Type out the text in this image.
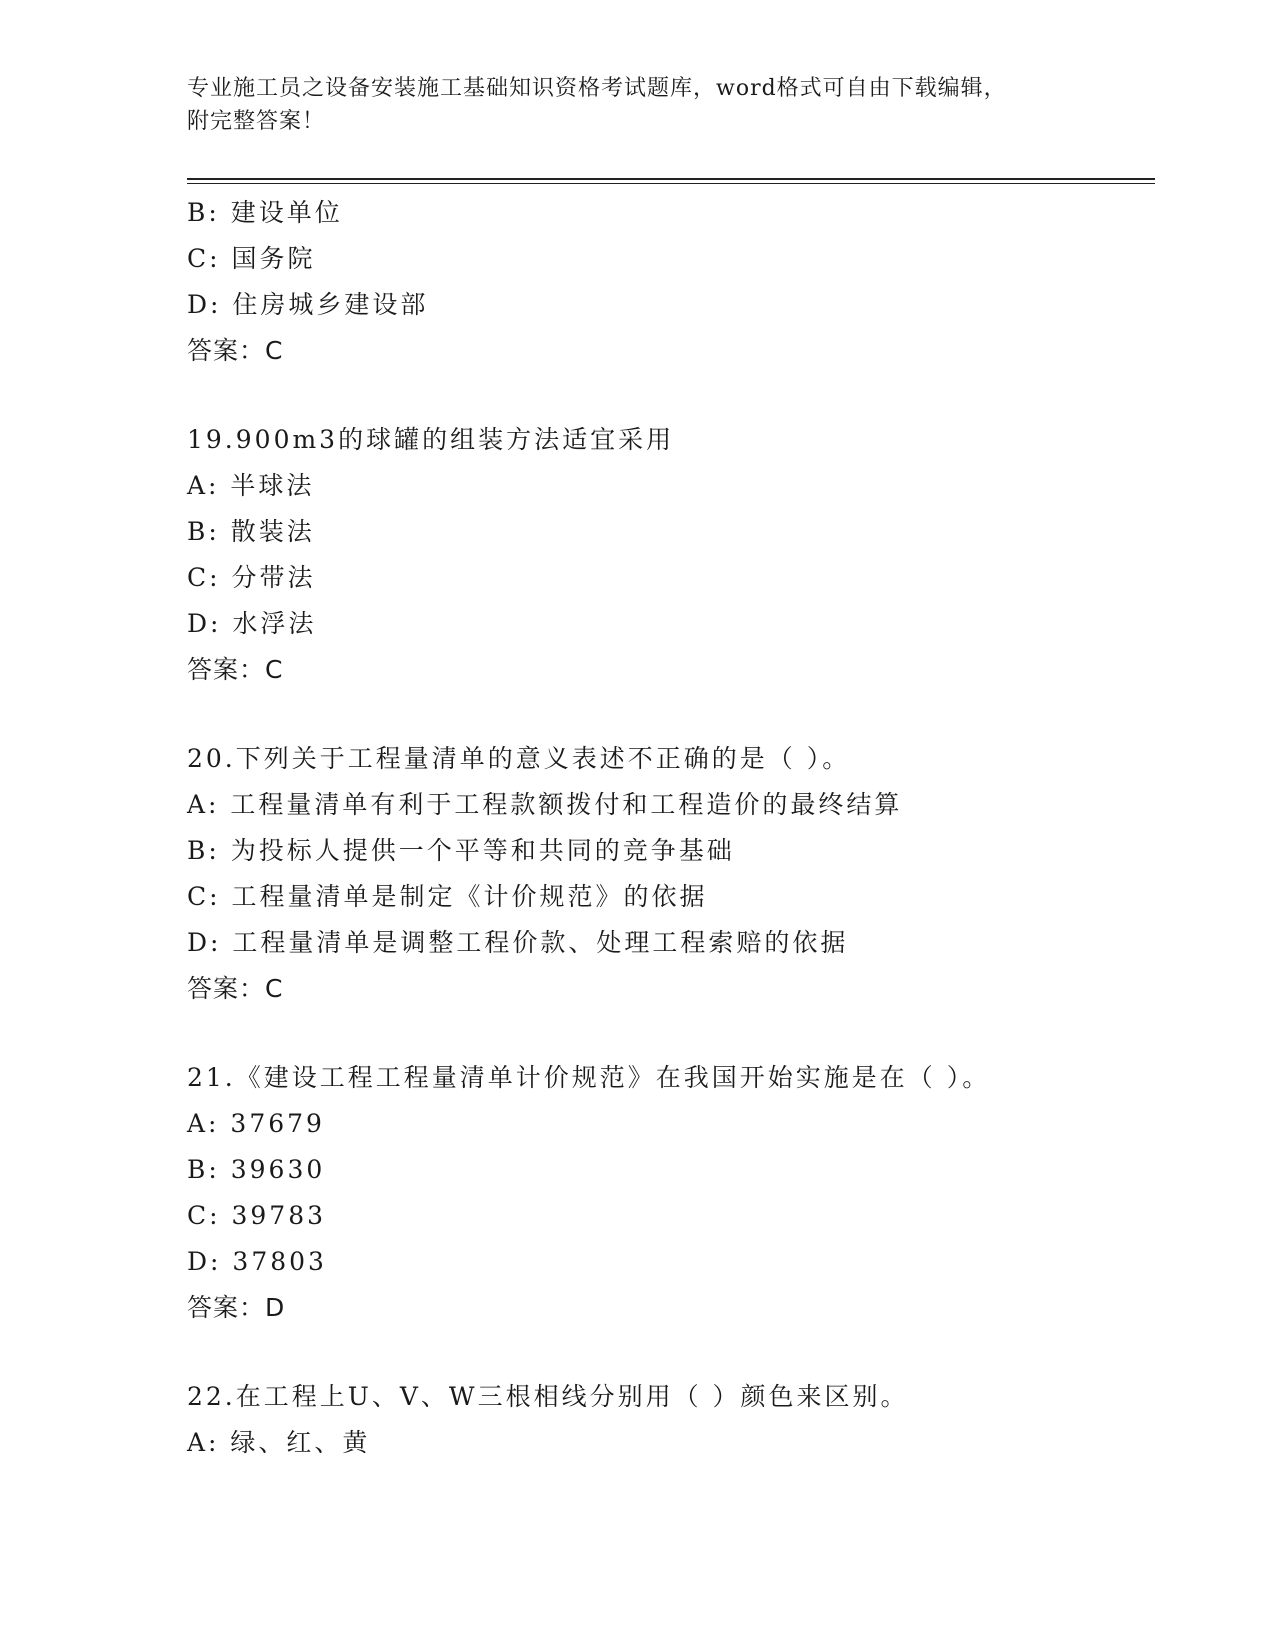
专业施工员之设备安装施工基础知识资格考试题库，word格式可自由下载编辑，
附完整答案！
B: 建设单位
C: 国务院
D: 住房城乡建设部
答案：C
19.900m3的球罐的组装方法适宜采用
A: 半球法
B: 散装法
C: 分带法
D: 水浮法
答案：C
20.下列关于工程量清单的意义表述不正确的是（ ）。
A: 工程量清单有利于工程款额拨付和工程造价的最终结算
B: 为投标人提供一个平等和共同的竞争基础
C: 工程量清单是制定《计价规范》的依据
D: 工程量清单是调整工程价款、处理工程索赔的依据
答案：C
21.《建设工程工程量清单计价规范》在我国开始实施是在（ ）。
A: 37679
B: 39630
C: 39783
D: 37803
答案：D
22.在工程上U、V、W三根相线分别用（ ）颜色来区别。
A: 绿、红、黄
